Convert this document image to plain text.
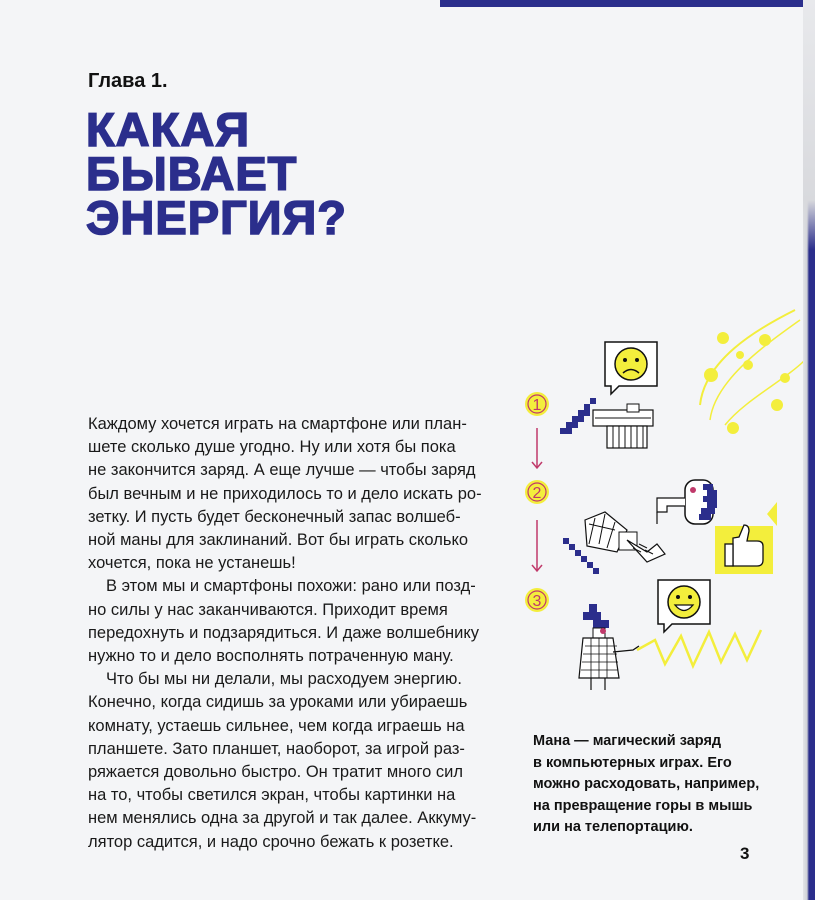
Глава 1.
КАКАЯ
БЫВАЕТ
ЭНЕРГИЯ?

Каждому хочется играть на смартфоне или план-

шете сколько душе угодно. Ну или хотя бы пока

не закончится заряд. А еще лучше — чтобы заряд

был вечным и не приходилось то и дело искать ро-

зетку. И пусть будет бесконечный запас волшеб-

ной маны для заклинаний. Вот бы играть сколько

хочется, пока не устанешь!

В этом мы и смартфоны похожи: рано или позд-

но силы у нас заканчиваются. Приходит время

передохнуть и подзарядиться. И даже волшебнику

нужно то и дело восполнять потраченную ману.

Что бы мы ни делали, мы расходуем энергию.

Конечно, когда сидишь за уроками или убираешь

комнату, устаешь сильнее, чем когда играешь на

планшете. Зато планшет, наоборот, за игрой раз-

ряжается довольно быстро. Он тратит много сил

на то, чтобы светился экран, чтобы картинки на

нем менялись одна за другой и так далее. Аккуму-

лятор садится, и надо срочно бежать к розетке.

1
2
3
Мана — магический заряд
в компьютерных играх. Его
можно расходовать, например,
на превращение горы в мышь
или на телепортацию.
3
